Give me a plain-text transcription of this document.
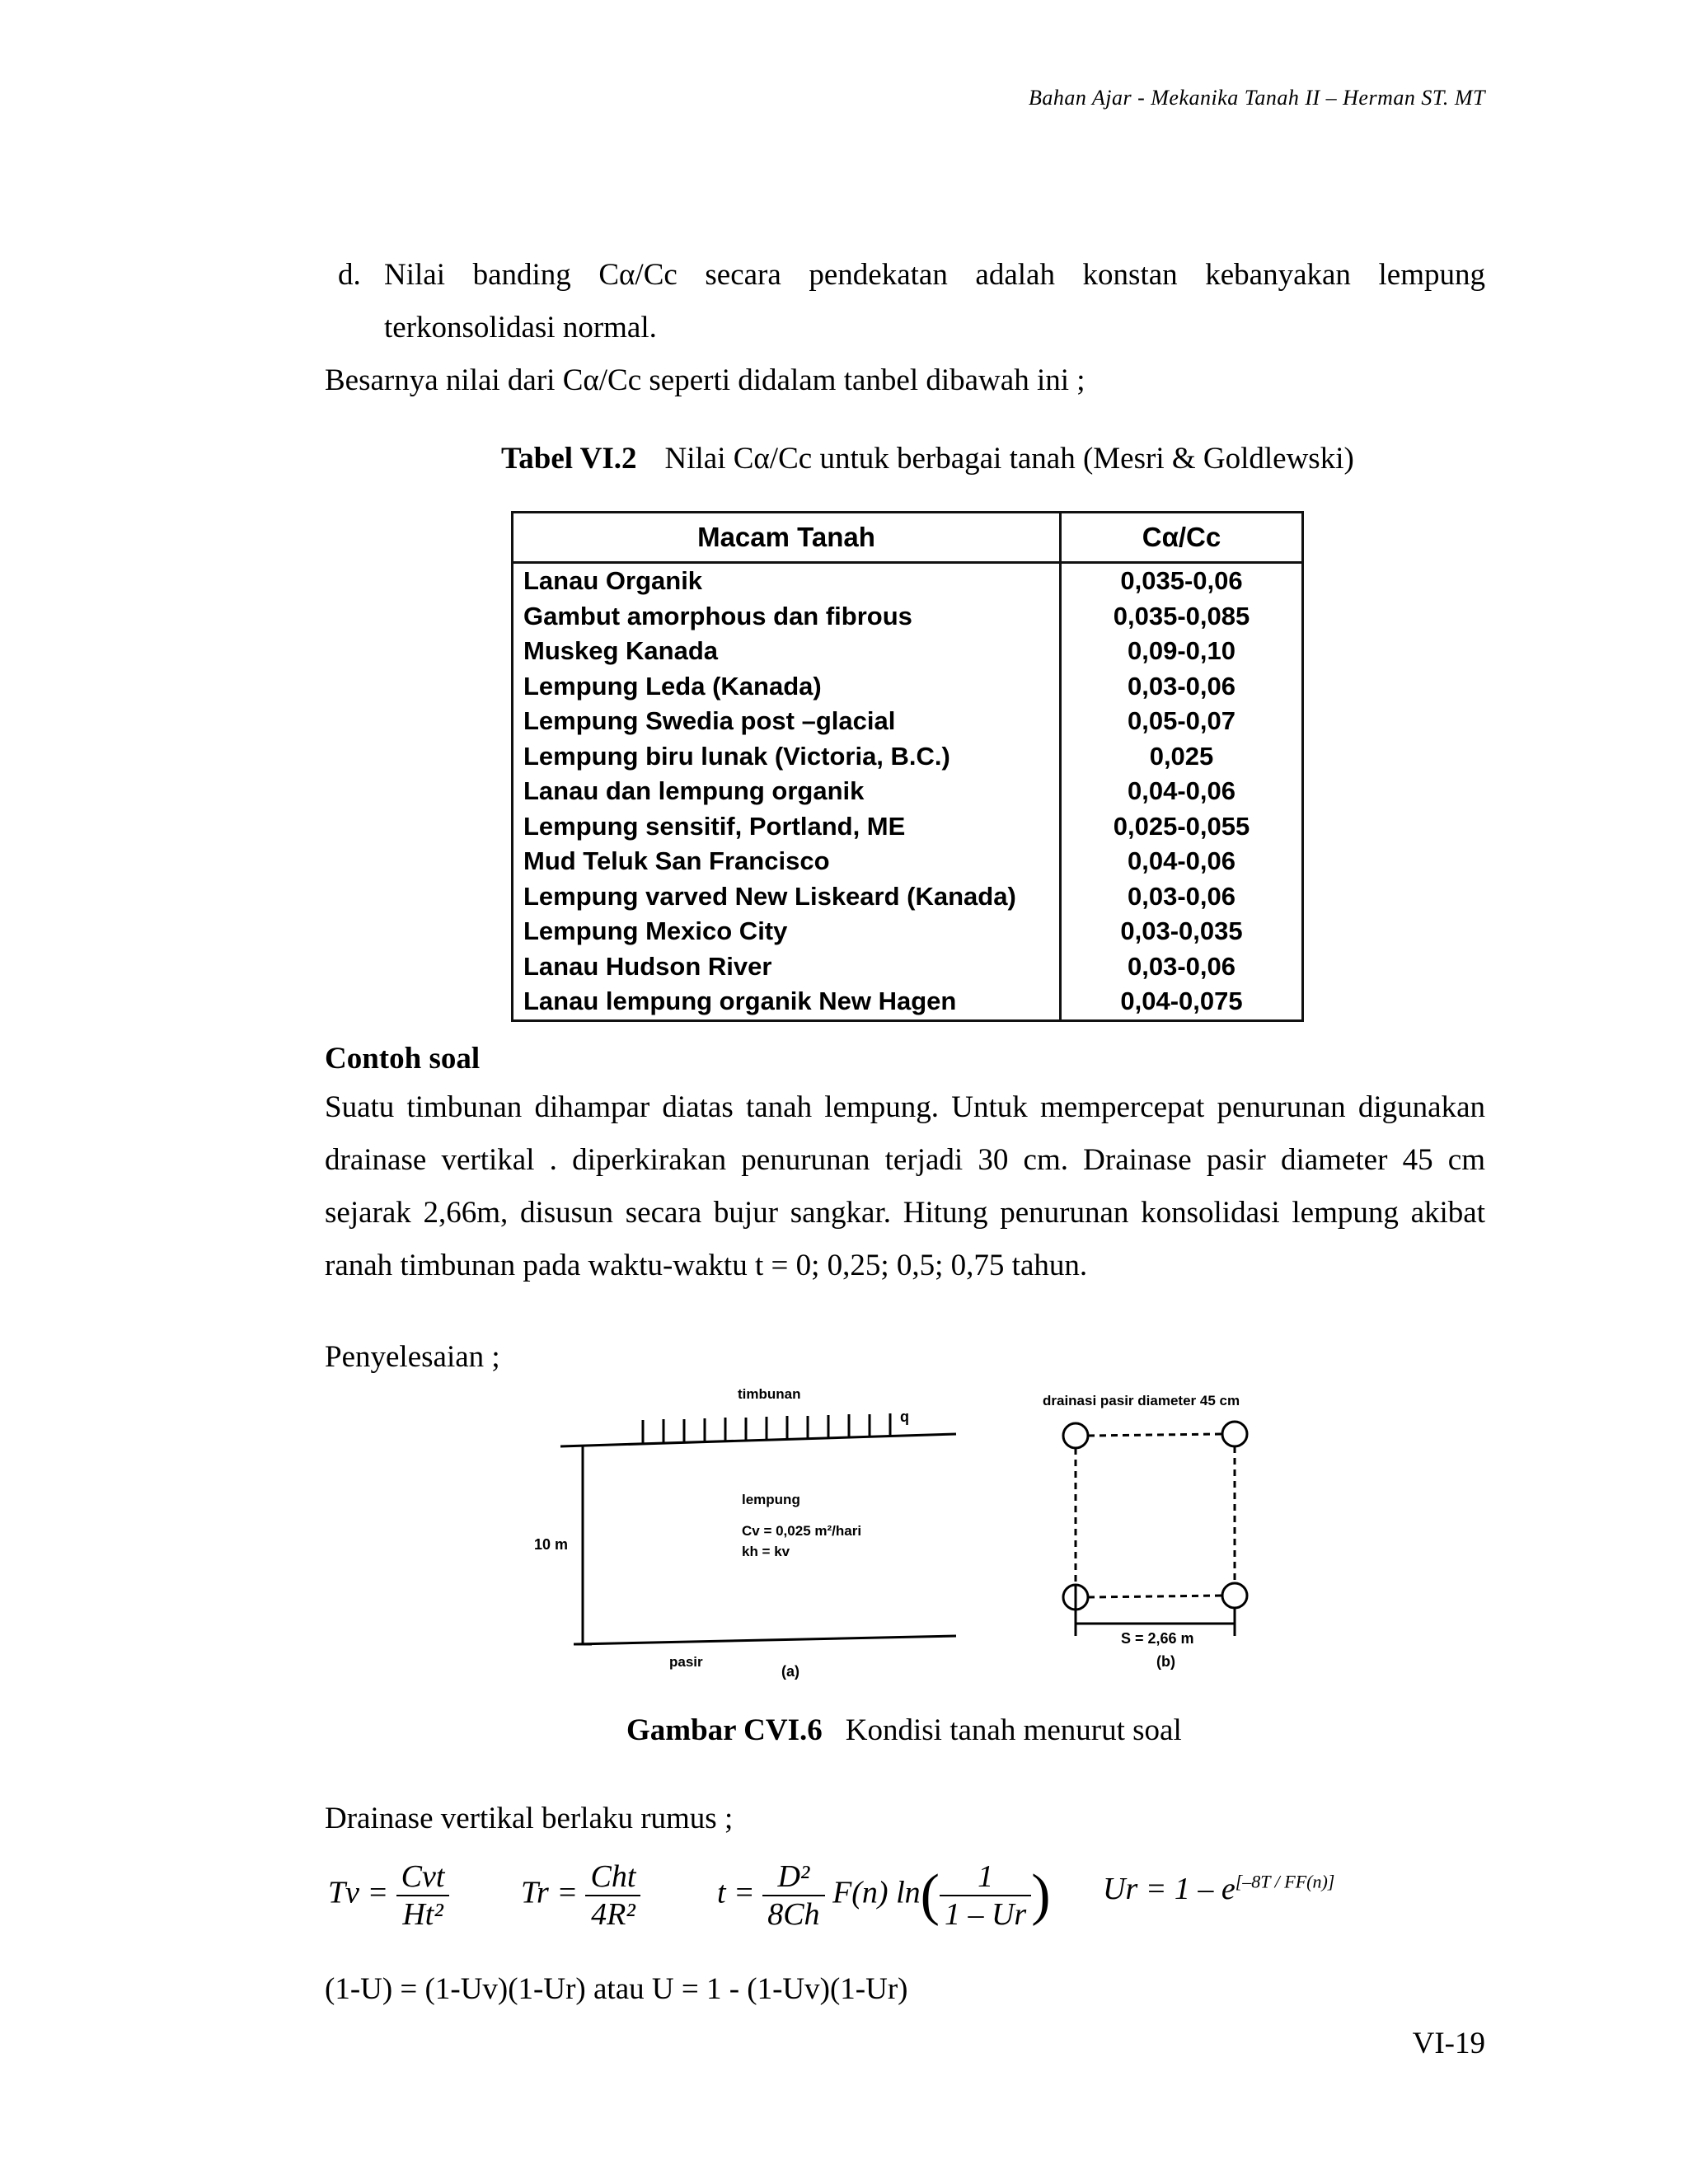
Bahan Ajar - Mekanika Tanah II – Herman ST. MT
d. Nilai banding Cα/Cc secara pendekatan adalah konstan kebanyakan lempung
terkonsolidasi normal.
Besarnya nilai dari Cα/Cc seperti didalam tanbel dibawah ini ;
Tabel VI.2 Nilai Cα/Cc untuk berbagai tanah (Mesri & Goldlewski)
Macam Tanah	Cα/Cc
Lanau Organik	0,035-0,06
Gambut amorphous dan fibrous	0,035-0,085
Muskeg Kanada	0,09-0,10
Lempung Leda (Kanada)	0,03-0,06
Lempung Swedia post –glacial	0,05-0,07
Lempung biru lunak (Victoria, B.C.)	0,025
Lanau dan lempung organik	0,04-0,06
Lempung sensitif, Portland, ME	0,025-0,055
Mud Teluk San Francisco	0,04-0,06
Lempung varved New Liskeard (Kanada)	0,03-0,06
Lempung Mexico City	0,03-0,035
Lanau Hudson River	0,03-0,06
Lanau lempung organik New Hagen	0,04-0,075
Contoh soal
Suatu timbunan dihampar diatas tanah lempung. Untuk mempercepat penurunan digunakan
drainase vertikal . diperkirakan penurunan terjadi 30 cm. Drainase pasir diameter 45 cm
sejarak 2,66m, disusun secara bujur sangkar. Hitung penurunan konsolidasi lempung akibat
ranah timbunan pada waktu-waktu t = 0; 0,25; 0,5; 0,75 tahun.
Penyelesaian ;
timbunan
q
lempung
Cv = 0,025 m²/hari
kh = kv
10 m
pasir
(a)
drainasi pasir diameter 45 cm
S = 2,66 m
(b)
Gambar CVI.6 Kondisi tanah menurut soal
Drainase vertikal berlaku rumus ;
$Tv = \frac{\text{Cvt}}{\text{Ht²}}$ $Tr = \frac{\text{Cht}}{\text{4R²}}$ $t = \frac{\text{D²}}{8Ch} F(n)$ $\ln( \frac{1}{1 - Ur}$ ) Ur = 1 – e[–8T / FF(n)]
(1-U) = (1-Uv)(1-Ur) atau U = 1 - (1-Uv)(1-Ur)
VI-19
